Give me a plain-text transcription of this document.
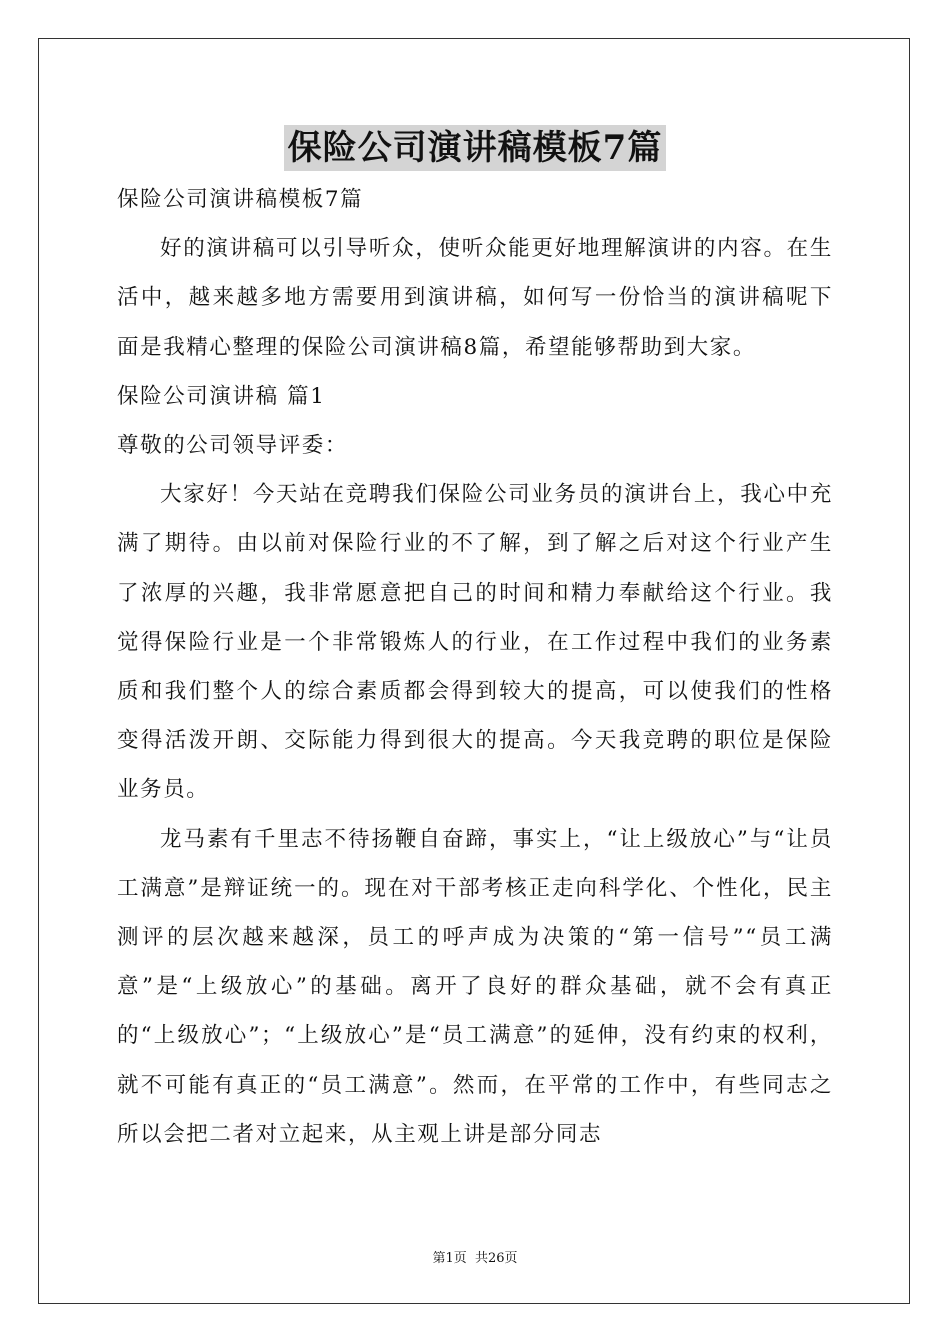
保险公司演讲稿模板7篇

保险公司演讲稿模板7篇

好的演讲稿可以引导听众，使听众能更好地理解演讲的内容。在生活中，越来越多地方需要用到演讲稿，如何写一份恰当的演讲稿呢下面是我精心整理的保险公司演讲稿8篇，希望能够帮助到大家。

保险公司演讲稿 篇1

尊敬的公司领导评委：

大家好！今天站在竞聘我们保险公司业务员的演讲台上，我心中充满了期待。由以前对保险行业的不了解，到了解之后对这个行业产生了浓厚的兴趣，我非常愿意把自己的时间和精力奉献给这个行业。我觉得保险行业是一个非常锻炼人的行业，在工作过程中我们的业务素质和我们整个人的综合素质都会得到较大的提高，可以使我们的性格变得活泼开朗、交际能力得到很大的提高。今天我竞聘的职位是保险业务员。

龙马素有千里志不待扬鞭自奋蹄，事实上，“让上级放心”与“让员工满意”是辩证统一的。现在对干部考核正走向科学化、个性化，民主测评的层次越来越深，员工的呼声成为决策的“第一信号”“员工满意”是“上级放心”的基础。离开了良好的群众基础，就不会有真正的“上级放心”；“上级放心”是“员工满意”的延伸，没有约束的权利，就不可能有真正的“员工满意”。然而，在平常的工作中，有些同志之所以会把二者对立起来，从主观上讲是部分同志

第1页 共26页
